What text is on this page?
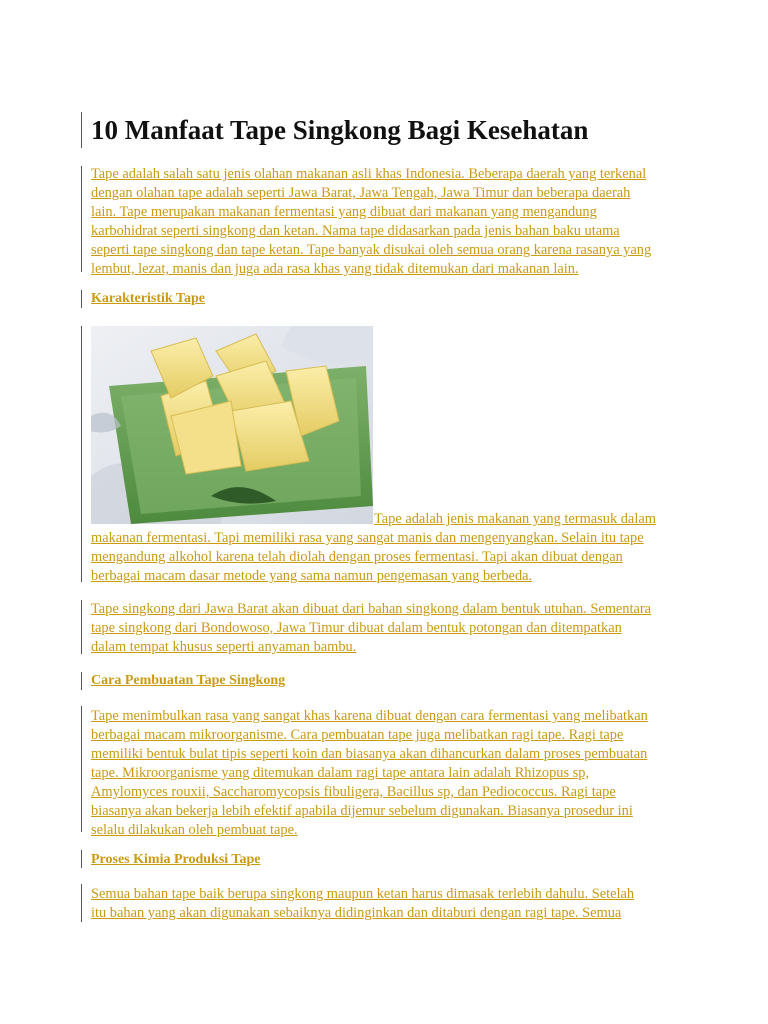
10 Manfaat Tape Singkong Bagi Kesehatan

Tape adalah salah satu jenis olahan makanan asli khas Indonesia. Beberapa daerah yang terkenal
dengan olahan tape adalah seperti Jawa Barat, Jawa Tengah, Jawa Timur dan beberapa daerah
lain. Tape merupakan makanan fermentasi yang dibuat dari makanan yang mengandung
karbohidrat seperti singkong dan ketan. Nama tape didasarkan pada jenis bahan baku utama
seperti tape singkong dan tape ketan. Tape banyak disukai oleh semua orang karena rasanya yang
lembut, lezat, manis dan juga ada rasa khas yang tidak ditemukan dari makanan lain.

Karakteristik Tape
Tape adalah jenis makanan yang termasuk dalam

makanan fermentasi. Tapi memiliki rasa yang sangat manis dan mengenyangkan. Selain itu tape
mengandung alkohol karena telah diolah dengan proses fermentasi. Tapi akan dibuat dengan
berbagai macam dasar metode yang sama namun pengemasan yang berbeda.

Tape singkong dari Jawa Barat akan dibuat dari bahan singkong dalam bentuk utuhan. Sementara
tape singkong dari Bondowoso, Jawa Timur dibuat dalam bentuk potongan dan ditempatkan
dalam tempat khusus seperti anyaman bambu.

Cara Pembuatan Tape Singkong

Tape menimbulkan rasa yang sangat khas karena dibuat dengan cara fermentasi yang melibatkan
berbagai macam mikroorganisme. Cara pembuatan tape juga melibatkan ragi tape. Ragi tape
memiliki bentuk bulat tipis seperti koin dan biasanya akan dihancurkan dalam proses pembuatan
tape. Mikroorganisme yang ditemukan dalam ragi tape antara lain adalah Rhizopus sp,
Amylomyces rouxii, Saccharomycopsis fibuligera, Bacillus sp, dan Pediococcus. Ragi tape
biasanya akan bekerja lebih efektif apabila dijemur sebelum digunakan. Biasanya prosedur ini
selalu dilakukan oleh pembuat tape.

Proses Kimia Produksi Tape

Semua bahan tape baik berupa singkong maupun ketan harus dimasak terlebih dahulu. Setelah
itu bahan yang akan digunakan sebaiknya didinginkan dan ditaburi dengan ragi tape. Semua
